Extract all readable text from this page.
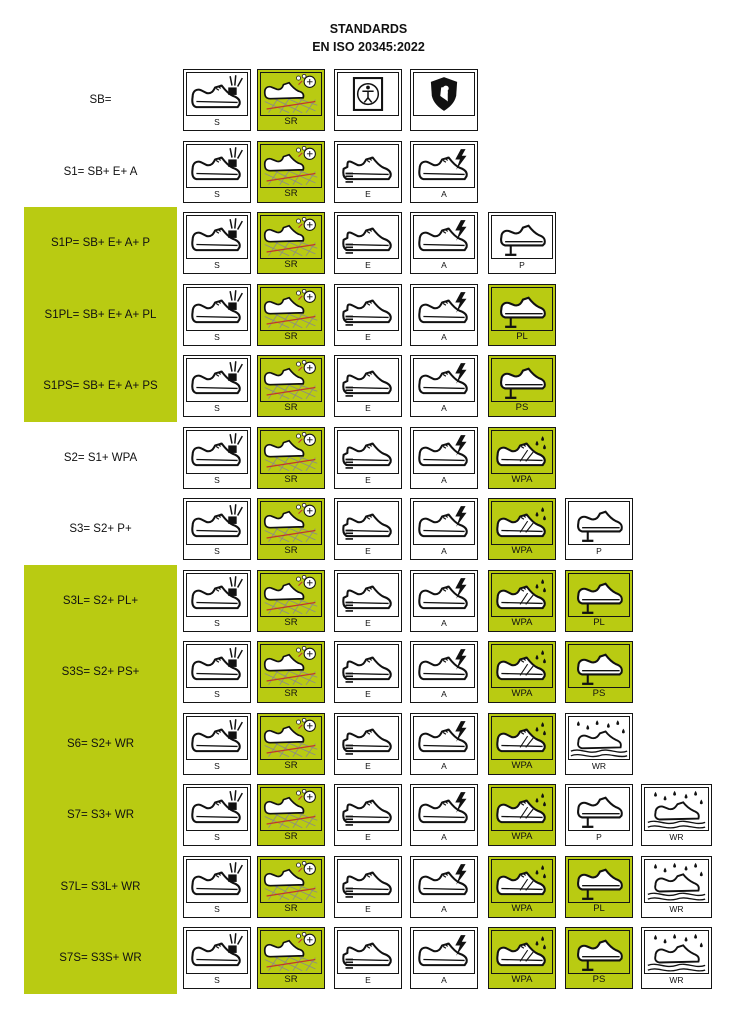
STANDARDS
EN ISO 20345:2022
SB=
S	SR
S1= SB+ E+ A
S	SR	E	A
S1P= SB+ E+ A+ P
S	SR	E	A	P
S1PL= SB+ E+ A+ PL
S	SR	E	A	PL
S1PS= SB+ E+ A+ PS
S	SR	E	A	PS
S2= S1+ WPA
S	SR	E	A	WPA
S3= S2+ P+
S	SR	E	A	WPA	P
S3L= S2+ PL+
S	SR	E	A	WPA	PL
S3S= S2+ PS+
S	SR	E	A	WPA	PS
S6= S2+ WR
S	SR	E	A	WPA	WR
S7= S3+ WR
S	SR	E	A	WPA	P	WR
S7L= S3L+ WR
S	SR	E	A	WPA	PL	WR
S7S= S3S+ WR
S	SR	E	A	WPA	PS	WR
